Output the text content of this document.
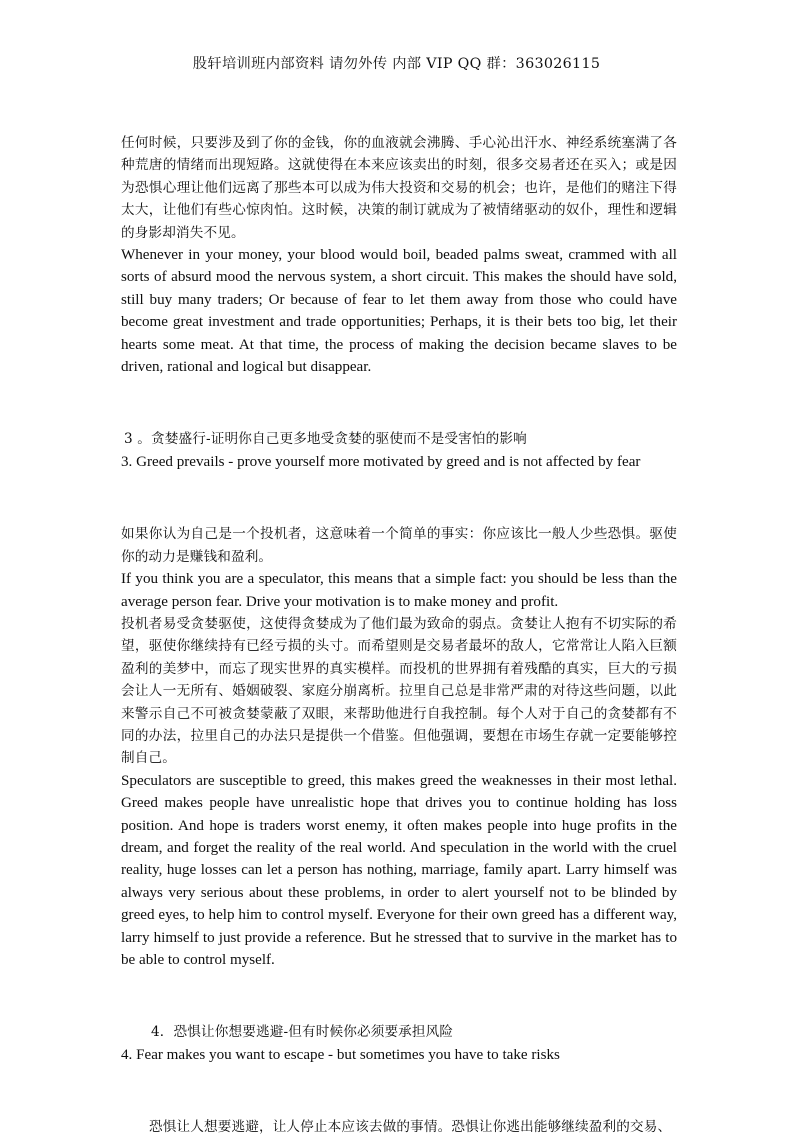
股轩培训班内部资料 请勿外传 内部 VIP QQ 群：363026115

任何时候，只要涉及到了你的金钱，你的血液就会沸腾、手心沁出汗水、神经系统塞满了各种荒唐的情绪而出现短路。这就使得在本来应该卖出的时刻，很多交易者还在买入；或是因为恐惧心理让他们远离了那些本可以成为伟大投资和交易的机会；也许，是他们的赌注下得太大，让他们有些心惊肉怕。这时候，决策的制订就成为了被情绪驱动的奴仆，理性和逻辑的身影却消失不见。

Whenever in your money, your blood would boil, beaded palms sweat, crammed with all sorts of absurd mood the nervous system, a short circuit. This makes the should have sold, still buy many traders; Or because of fear to let them away from those who could have become great investment and trade opportunities; Perhaps, it is their bets too big, let their hearts some meat. At that time, the process of making the decision became slaves to be driven, rational and logical but disappear.

3 。贪婪盛行-证明你自己更多地受贪婪的驱使而不是受害怕的影响

3. Greed prevails - prove yourself more motivated by greed and is not affected by fear

如果你认为自己是一个投机者，这意味着一个简单的事实：你应该比一般人少些恐惧。驱使你的动力是赚钱和盈利。

If you think you are a speculator, this means that a simple fact: you should be less than the average person fear. Drive your motivation is to make money and profit.

投机者易受贪婪驱使，这使得贪婪成为了他们最为致命的弱点。贪婪让人抱有不切实际的希望，驱使你继续持有已经亏损的头寸。而希望则是交易者最坏的敌人，它常常让人陷入巨额盈利的美梦中，而忘了现实世界的真实模样。而投机的世界拥有着残酷的真实，巨大的亏损会让人一无所有、婚姻破裂、家庭分崩离析。拉里自己总是非常严肃的对待这些问题，以此来警示自己不可被贪婪蒙蔽了双眼，来帮助他进行自我控制。每个人对于自己的贪婪都有不同的办法，拉里自己的办法只是提供一个借鉴。但他强调，要想在市场生存就一定要能够控制自己。

Speculators are susceptible to greed, this makes greed the weaknesses in their most lethal. Greed makes people have unrealistic hope that drives you to continue holding has loss position. And hope is traders worst enemy, it often makes people into huge profits in the dream, and forget the reality of the real world. And speculation in the world with the cruel reality, huge losses can let a person has nothing, marriage, family apart. Larry himself was always very serious about these problems, in order to alert yourself not to be blinded by greed eyes, to help him to control myself. Everyone for their own greed has a different way, larry himself to just provide a reference. But he stressed that to survive in the market has to be able to control myself.

4．恐惧让你想要逃避-但有时候你必须要承担风险

4. Fear makes you want to escape - but sometimes you have to take risks

恐惧让人想要逃避，让人停止本应该去做的事情。恐惧让你逃出能够继续盈利的交易、
